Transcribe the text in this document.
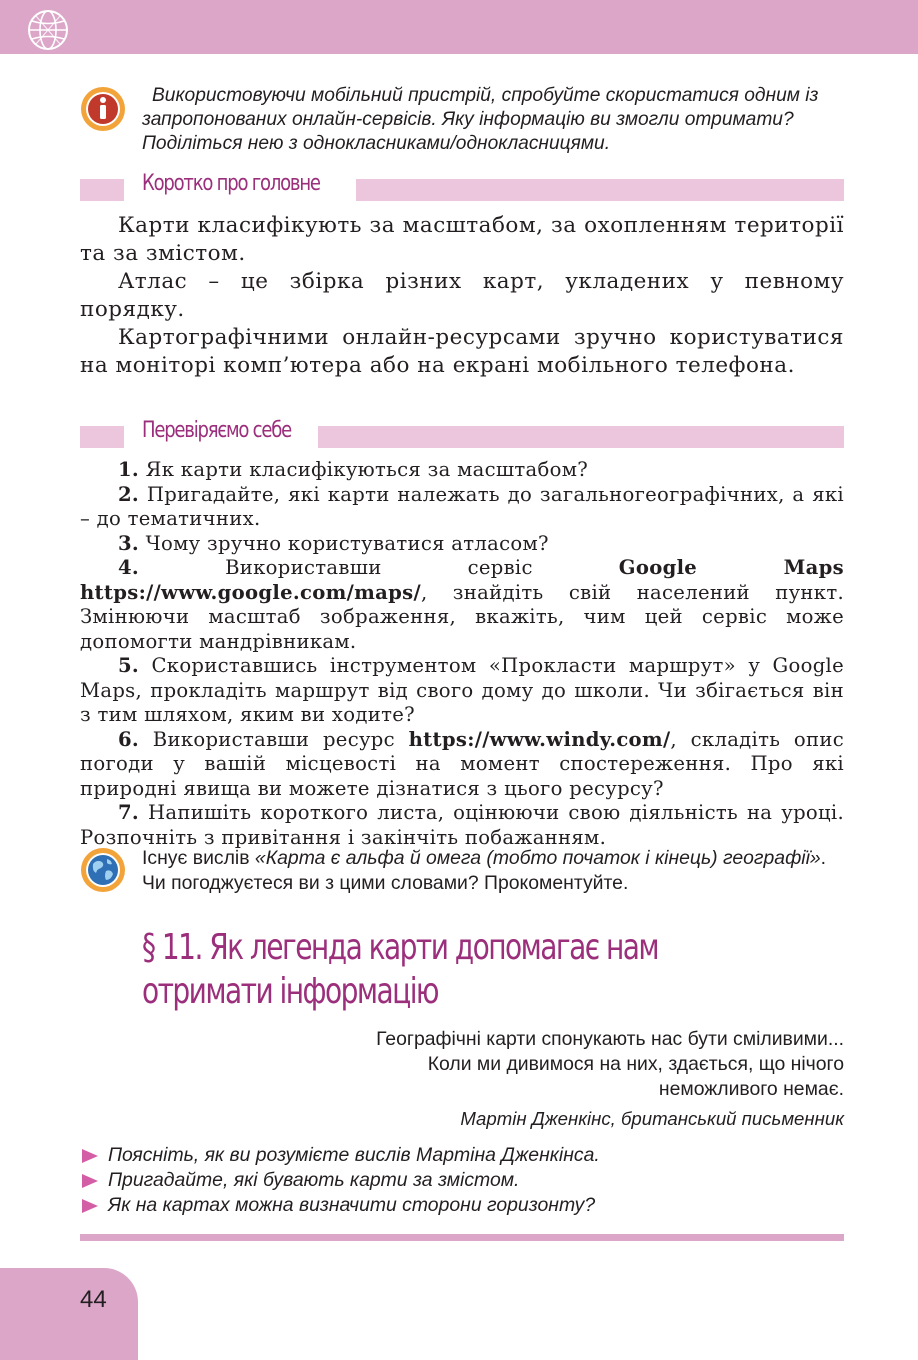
Використовуючи мобільний пристрій, спробуйте скористатися одним із запропонованих онлайн-сервісів. Яку інформацію ви змогли отримати? Поділіться нею з однокласниками/однокласницями.

Коротко про головне

Карти класифікують за масштабом, за охопленням території та за змістом.

Атлас – це збірка різних карт, укладених у певному порядку.

Картографічними онлайн-ресурсами зручно користуватися на моніторі комп’ютера або на екрані мобільного телефона.

Перевіряємо себе

1. Як карти класифікуються за масштабом?

2. Пригадайте, які карти належать до загальногеографічних, а які – до тематичних.

3. Чому зручно користуватися атласом?

4.	Використавши сервіс	Google Maps https://www.google.com/maps/, знайдіть свій населений пункт. Змінюючи масштаб зображення, вкажіть, чим цей сервіс може допомогти мандрівникам.

5. Скориставшись інструментом «Прокласти маршрут» у Google Maps, прокладіть маршрут від свого дому до школи. Чи збігається він з тим шляхом, яким ви ходите?

6. Використавши ресурс https://www.windy.com/, складіть опис погоди у вашій місцевості на момент спостереження. Про які природні явища ви можете дізнатися з цього ресурсу?

7. Напишіть короткого листа, оцінюючи свою діяльність на уроці. Розпочніть з привітання і закінчіть побажанням.

Існує вислів «Карта є альфа й омега (тобто початок і кінець) географії». Чи погоджуєтеся ви з цими словами? Прокоментуйте.

§ 11. Як легенда карти допомагає нам
отримати інформацію
Географічні карти спонукають нас бути сміливими...
Коли ми дивимося на них, здається, що нічого
неможливого немає.
Мартін Дженкінс, британський письменник
Поясніть, як ви розумієте вислів Мартіна Дженкінса.
Пригадайте, які бувають карти за змістом.
Як на картах можна визначити сторони горизонту?
44
